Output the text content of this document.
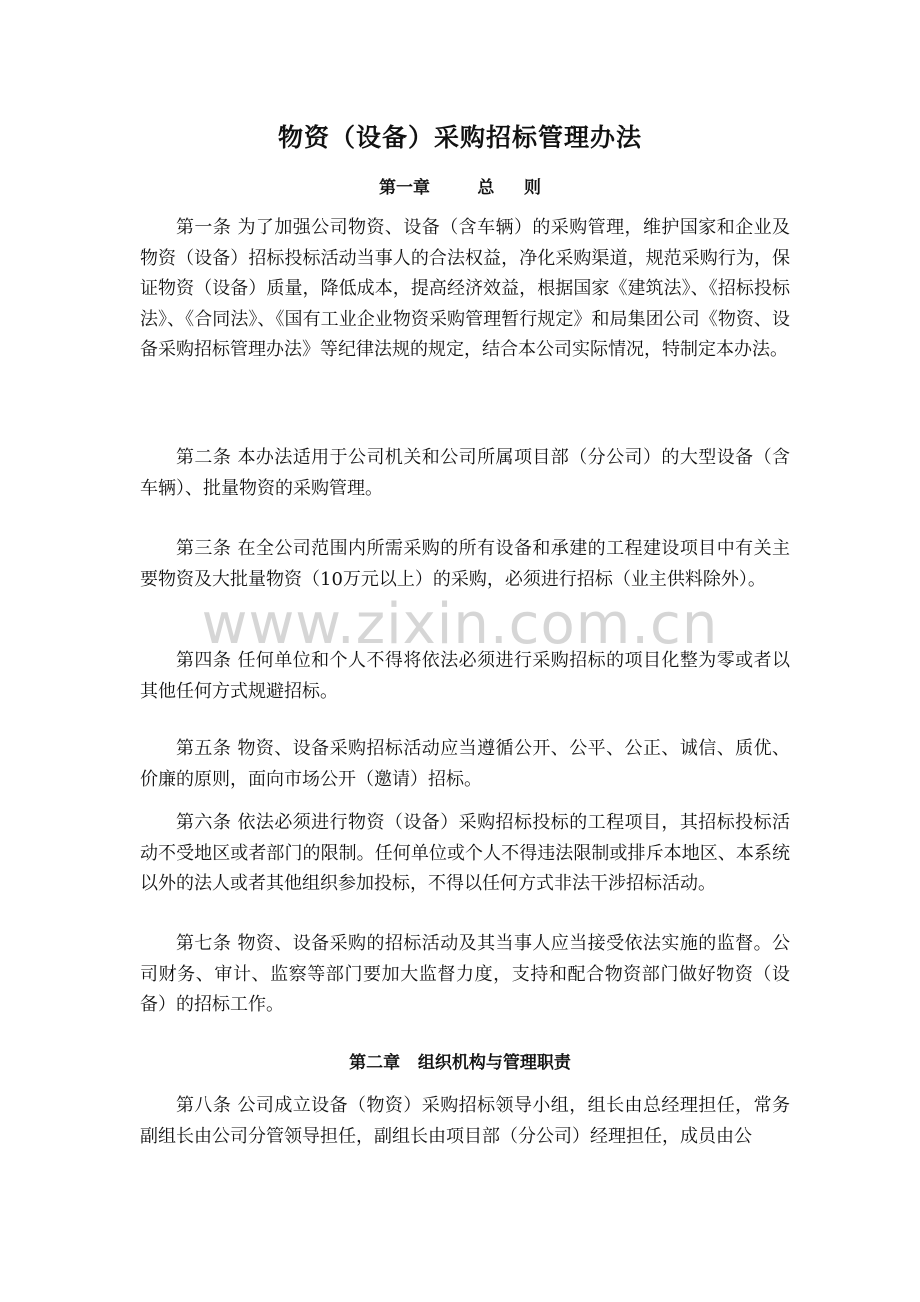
物资（设备）采购招标管理办法
第一章        总     则
第一条 为了加强公司物资、设备（含车辆）的采购管理，维护国家和企业及物资（设备）招标投标活动当事人的合法权益，净化采购渠道，规范采购行为，保证物资（设备）质量，降低成本，提高经济效益，根据国家《建筑法》、《招标投标法》、《合同法》、《国有工业企业物资采购管理暂行规定》和局集团公司《物资、设备采购招标管理办法》等纪律法规的规定，结合本公司实际情况，特制定本办法。
第二条 本办法适用于公司机关和公司所属项目部（分公司）的大型设备（含车辆）、批量物资的采购管理。
第三条 在全公司范围内所需采购的所有设备和承建的工程建设项目中有关主要物资及大批量物资（10万元以上）的采购，必须进行招标（业主供料除外）。
第四条 任何单位和个人不得将依法必须进行采购招标的项目化整为零或者以其他任何方式规避招标。
第五条 物资、设备采购招标活动应当遵循公开、公平、公正、诚信、质优、价廉的原则，面向市场公开（邀请）招标。
第六条 依法必须进行物资（设备）采购招标投标的工程项目，其招标投标活动不受地区或者部门的限制。任何单位或个人不得违法限制或排斥本地区、本系统以外的法人或者其他组织参加投标，不得以任何方式非法干涉招标活动。
第七条 物资、设备采购的招标活动及其当事人应当接受依法实施的监督。公司财务、审计、监察等部门要加大监督力度，支持和配合物资部门做好物资（设备）的招标工作。
第二章   组织机构与管理职责
第八条 公司成立设备（物资）采购招标领导小组，组长由总经理担任，常务副组长由公司分管领导担任，副组长由项目部（分公司）经理担任，成员由公
www.zixin.com.cn
